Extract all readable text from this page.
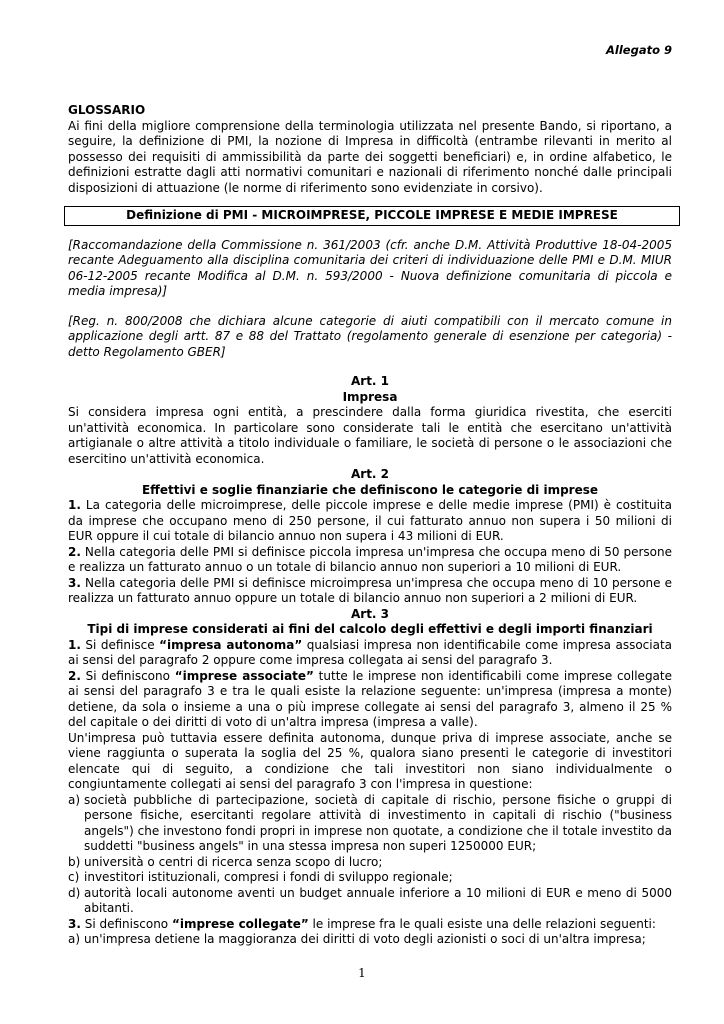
Allegato 9

GLOSSARIO
Ai fini della migliore comprensione della terminologia utilizzata nel presente Bando, si riportano, a seguire, la definizione di PMI, la nozione di Impresa in difficoltà (entrambe rilevanti in merito al possesso dei requisiti di ammissibilità da parte dei soggetti beneficiari) e, in ordine alfabetico, le definizioni estratte dagli atti normativi comunitari e nazionali di riferimento nonché dalle principali disposizioni di attuazione (le norme di riferimento sono evidenziate in corsivo).

Definizione di PMI - MICROIMPRESE, PICCOLE IMPRESE E MEDIE IMPRESE

[Raccomandazione della Commissione n. 361/2003 (cfr. anche D.M. Attività Produttive 18-04-2005 recante Adeguamento alla disciplina comunitaria dei criteri di individuazione delle PMI e D.M. MIUR 06-12-2005 recante Modifica al D.M. n. 593/2000 - Nuova definizione comunitaria di piccola e media impresa)]

[Reg. n. 800/2008 che dichiara alcune categorie di aiuti compatibili con il mercato comune in applicazione degli artt. 87 e 88 del Trattato (regolamento generale di esenzione per categoria) - detto Regolamento GBER]

Art. 1

Impresa

Si considera impresa ogni entità, a prescindere dalla forma giuridica rivestita, che eserciti un'attività economica. In particolare sono considerate tali le entità che esercitano un'attività artigianale o altre attività a titolo individuale o familiare, le società di persone o le associazioni che esercitino un'attività economica.

Art. 2

Effettivi e soglie finanziarie che definiscono le categorie di imprese

1. La categoria delle microimprese, delle piccole imprese e delle medie imprese (PMI) è costituita da imprese che occupano meno di 250 persone, il cui fatturato annuo non supera i 50 milioni di EUR oppure il cui totale di bilancio annuo non supera i 43 milioni di EUR.

2. Nella categoria delle PMI si definisce piccola impresa un'impresa che occupa meno di 50 persone e realizza un fatturato annuo o un totale di bilancio annuo non superiori a 10 milioni di EUR.

3. Nella categoria delle PMI si definisce microimpresa un'impresa che occupa meno di 10 persone e realizza un fatturato annuo oppure un totale di bilancio annuo non superiori a 2 milioni di EUR.

Art. 3

Tipi di imprese considerati ai fini del calcolo degli effettivi e degli importi finanziari

1. Si definisce “impresa autonoma” qualsiasi impresa non identificabile come impresa associata ai sensi del paragrafo 2 oppure come impresa collegata ai sensi del paragrafo 3.

2. Si definiscono “imprese associate” tutte le imprese non identificabili come imprese collegate ai sensi del paragrafo 3 e tra le quali esiste la relazione seguente: un'impresa (impresa a monte) detiene, da sola o insieme a una o più imprese collegate ai sensi del paragrafo 3, almeno il 25 % del capitale o dei diritti di voto di un'altra impresa (impresa a valle).

Un'impresa può tuttavia essere definita autonoma, dunque priva di imprese associate, anche se viene raggiunta o superata la soglia del 25 %, qualora siano presenti le categorie di investitori elencate qui di seguito, a condizione che tali investitori non siano individualmente o congiuntamente collegati ai sensi del paragrafo 3 con l'impresa in questione:

a) società pubbliche di partecipazione, società di capitale di rischio, persone fisiche o gruppi di persone fisiche, esercitanti regolare attività di investimento in capitali di rischio ("business angels") che investono fondi propri in imprese non quotate, a condizione che il totale investito da suddetti "business angels" in una stessa impresa non superi 1250000 EUR;
b) università o centri di ricerca senza scopo di lucro;
c) investitori istituzionali, compresi i fondi di sviluppo regionale;
d) autorità locali autonome aventi un budget annuale inferiore a 10 milioni di EUR e meno di 5000 abitanti.

3. Si definiscono “imprese collegate” le imprese fra le quali esiste una delle relazioni seguenti:

a) un'impresa detiene la maggioranza dei diritti di voto degli azionisti o soci di un'altra impresa;
1
